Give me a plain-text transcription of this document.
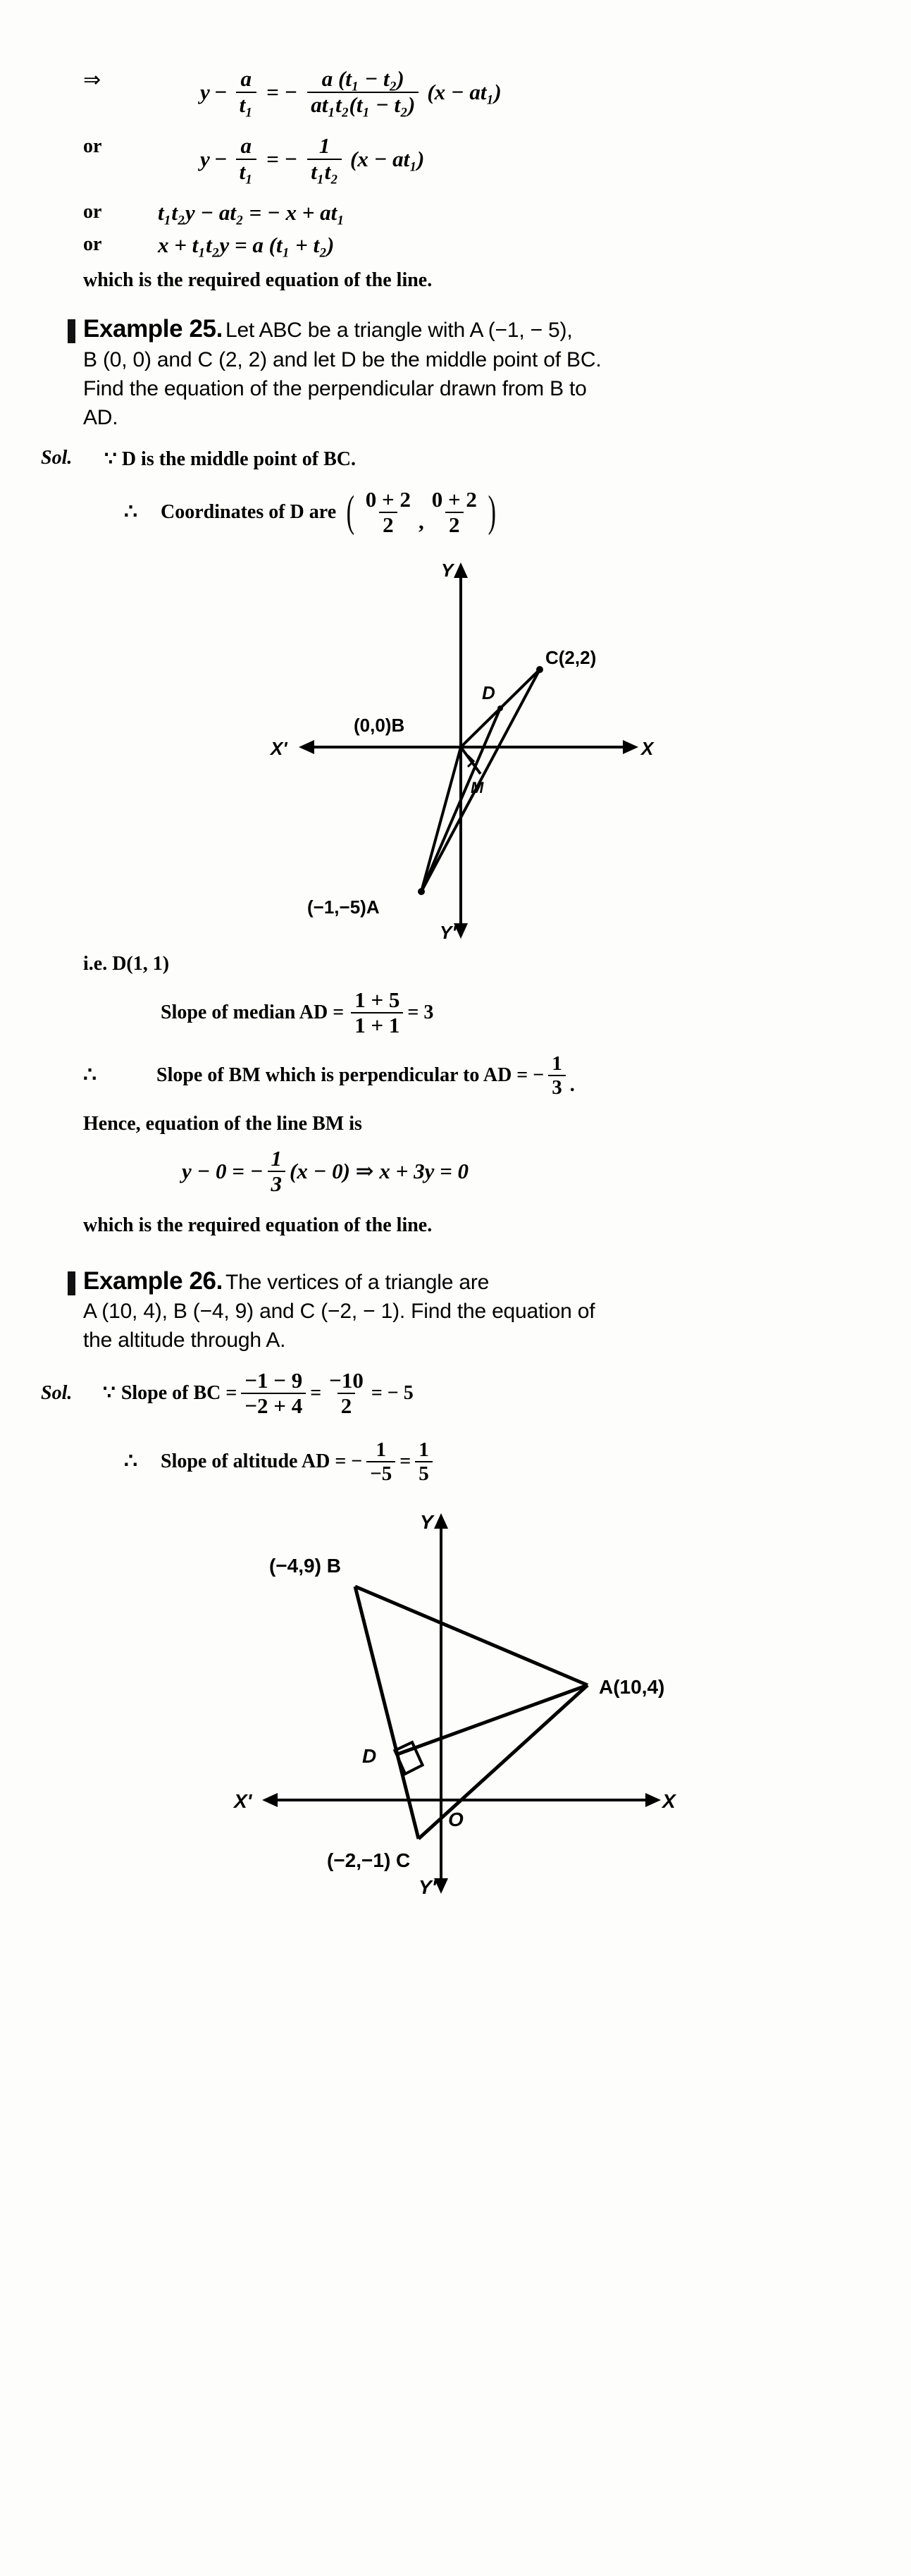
⇒	$y - \frac{a}{\text{t₁}}$ = − $\frac{\text{a (t₁ − t₂)}}{\text{at₁t₂(t₁ − t₂)}} (x - at_1)$
or
$y - \frac{a}{\text{t₁}}$ = − $\frac{1}{\text{t₁t₂}} (x - at_1)$
or	t₁t₂y − at₂ = − x + at₁
or	x + t₁t₂y = a (t₁ + t₂)
which is the required equation of the line.
Example 25. Let ABC be a triangle with A (−1, − 5),
B (0, 0) and C (2, 2) and let D be the middle point of BC.
Find the equation of the perpendicular drawn from B to
AD.
Sol.	∵ D is the middle point of BC.
∴	Coordinates of D are ( $\frac{0 + 2}{2}$ , $\frac{0 + 2}{2}$ )
C(2,2)
D
(0,0)B
M
(−1,−5)A
X
X'
Y
Y'
i.e. D(1, 1)
Slope of median AD = $\frac{1 + 5}{1 + 1} = 3$
∴	Slope of BM which is perpendicular to AD = − $\frac{1}{3}$ .
Hence, equation of the line BM is
y − 0 = − $\frac{1}{3} (x - 0)$ ⇒ x + 3y = 0
which is the required equation of the line.
Example 26. The vertices of a triangle are
A (10, 4), B (−4, 9) and C (−2, − 1). Find the equation of
the altitude through A.
Sol.	∵ Slope of BC = $\frac{-1 - 9}{-2 + 4} = \frac{-10}{2}$ = − 5
∴	Slope of altitude AD = − $\frac{1}{-5} = \frac{1}{5}$
(−4,9) B
A(10,4)
D
O
(−2,−1) C
X
X'
Y
Y'
